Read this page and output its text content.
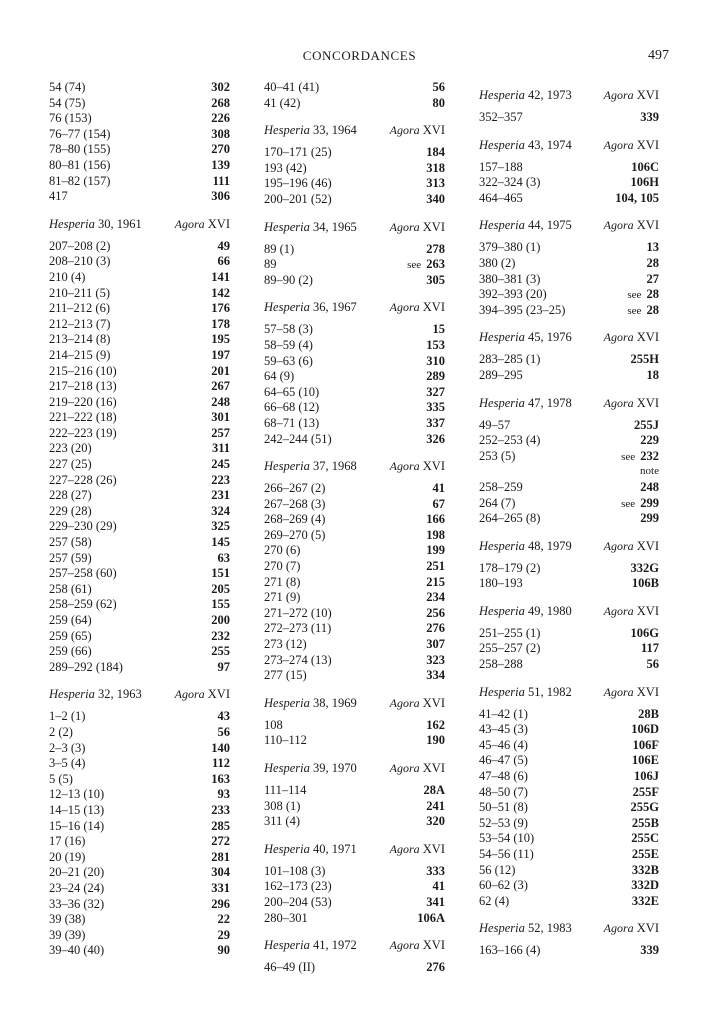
CONCORDANCES	497
54 (74)	302
54 (75)	268
76 (153)	226
76–77 (154)	308
78–80 (155)	270
80–81 (156)	139
81–82 (157)	111
417	306
Hesperia 30, 1961	Agora XVI
207–208 (2)	49
208–210 (3)	66
210 (4)	141
210–211 (5)	142
211–212 (6)	176
212–213 (7)	178
213–214 (8)	195
214–215 (9)	197
215–216 (10)	201
217–218 (13)	267
219–220 (16)	248
221–222 (18)	301
222–223 (19)	257
223 (20)	311
227 (25)	245
227–228 (26)	223
228 (27)	231
229 (28)	324
229–230 (29)	325
257 (58)	145
257 (59)	63
257–258 (60)	151
258 (61)	205
258–259 (62)	155
259 (64)	200
259 (65)	232
259 (66)	255
289–292 (184)	97
Hesperia 32, 1963	Agora XVI
1–2 (1)	43
2 (2)	56
2–3 (3)	140
3–5 (4)	112
5 (5)	163
12–13 (10)	93
14–15 (13)	233
15–16 (14)	285
17 (16)	272
20 (19)	281
20–21 (20)	304
23–24 (24)	331
33–36 (32)	296
39 (38)	22
39 (39)	29
39–40 (40)	90
40–41 (41)	56
41 (42)	80
Hesperia 33, 1964	Agora XVI
170–171 (25)	184
193 (42)	318
195–196 (46)	313
200–201 (52)	340
Hesperia 34, 1965	Agora XVI
89 (1)	278
89	see 263
89–90 (2)	305
Hesperia 36, 1967	Agora XVI
57–58 (3)	15
58–59 (4)	153
59–63 (6)	310
64 (9)	289
64–65 (10)	327
66–68 (12)	335
68–71 (13)	337
242–244 (51)	326
Hesperia 37, 1968	Agora XVI
266–267 (2)	41
267–268 (3)	67
268–269 (4)	166
269–270 (5)	198
270 (6)	199
270 (7)	251
271 (8)	215
271 (9)	234
271–272 (10)	256
272–273 (11)	276
273 (12)	307
273–274 (13)	323
277 (15)	334
Hesperia 38, 1969	Agora XVI
108	162
110–112	190
Hesperia 39, 1970	Agora XVI
111–114	28A
308 (1)	241
311 (4)	320
Hesperia 40, 1971	Agora XVI
101–108 (3)	333
162–173 (23)	41
200–204 (53)	341
280–301	106A
Hesperia 41, 1972	Agora XVI
46–49 (II)	276
Hesperia 42, 1973	Agora XVI
352–357	339
Hesperia 43, 1974	Agora XVI
157–188	106C
322–324 (3)	106H
464–465	104, 105
Hesperia 44, 1975	Agora XVI
379–380 (1)	13
380 (2)	28
380–381 (3)	27
392–393 (20)	see 28
394–395 (23–25)	see 28
Hesperia 45, 1976	Agora XVI
283–285 (1)	255H
289–295	18
Hesperia 47, 1978	Agora XVI
49–57	255J
252–253 (4)	229
253 (5)	see 232
note
258–259	248
264 (7)	see 299
264–265 (8)	299
Hesperia 48, 1979	Agora XVI
178–179 (2)	332G
180–193	106B
Hesperia 49, 1980	Agora XVI
251–255 (1)	106G
255–257 (2)	117
258–288	56
Hesperia 51, 1982	Agora XVI
41–42 (1)	28B
43–45 (3)	106D
45–46 (4)	106F
46–47 (5)	106E
47–48 (6)	106J
48–50 (7)	255F
50–51 (8)	255G
52–53 (9)	255B
53–54 (10)	255C
54–56 (11)	255E
56 (12)	332B
60–62 (3)	332D
62 (4)	332E
Hesperia 52, 1983	Agora XVI
163–166 (4)	339
